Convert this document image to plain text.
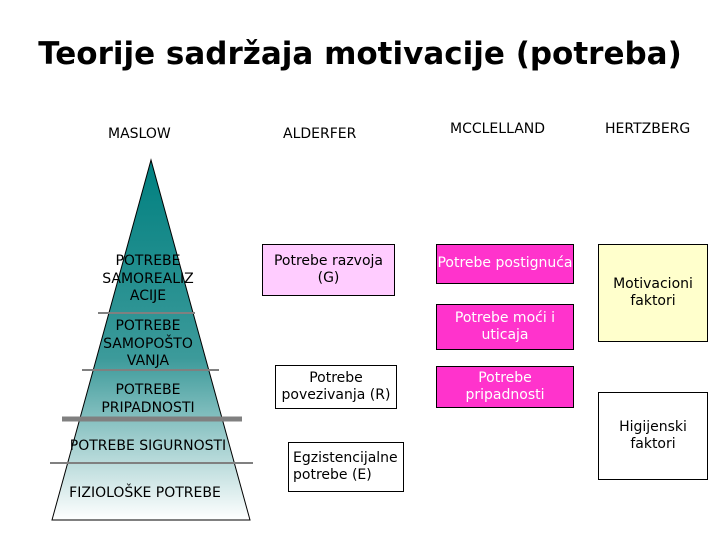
Teorije sadržaja motivacije (potreba)
MASLOW	ALDERFER	MCCLELLAND	HERTZBERG
POTREBE SAMOREALIZ ACIJE
POTREBE SAMOPOŠTO VANJA
POTREBE PRIPADNOSTI
POTREBE SIGURNOSTI
FIZIOLOŠKE POTREBE
Potrebe razvoja (G)
Potrebe povezivanja (R)
Egzistencijalne potrebe (E)
Potrebe postignuća
Potrebe moći i uticaja
Potrebe pripadnosti
Motivacioni faktori
Higijenski faktori
